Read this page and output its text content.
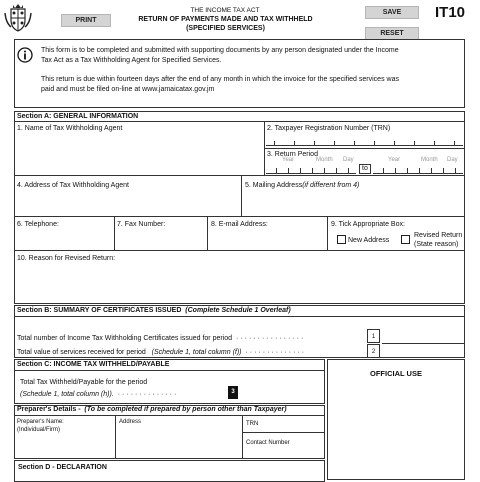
PRINT
THE INCOME TAX ACT
RETURN OF PAYMENTS MADE AND TAX WITHHELD
(SPECIFIED SERVICES)
SAVE
RESET
IT10
This form is to be completed and submitted with supporting documents by any person designated under the Income
Tax Act as a Tax Withholding Agent for Specified Services.
This return is due within fourteen days after the end of any month in which the invoice for the specified services was
paid and must be filed on-line at www.jamaicatax.gov.jm
Section A: GENERAL INFORMATION
1. Name of Tax Withholding Agent	2. Taxpayer Registration Number (TRN)
3. Return Period
Year	Month Day	Year	Month Day
to
4. Address of Tax Withholding Agent	5. Mailing Address(if different from 4)
6. Telephone:	7. Fax Number:	8. E-mail Address:	9. Tick Appropriate Box:
New Address
Revised Return
(State reason)
10. Reason for Revised Return:
Section B: SUMMARY OF CERTIFICATES ISSUED (Complete Schedule 1 Overleaf)
Total number of Income Tax Withholding Certificates issued for period ················	1
Total value of services received for period (Schedule 1, total column (f)) ··············	2
Section C: INCOME TAX WITHHELD/PAYABLE
Total Tax Withheld/Payable for the period
(Schedule 1, total column (h)). ··············	3
OFFICIAL USE
Preparer's Details - (To be completed if prepared by person other than Taxpayer)
Preparer's Name:
(Individual/Firm)
Address	TRN
Contact Number
Section D - DECLARATION
